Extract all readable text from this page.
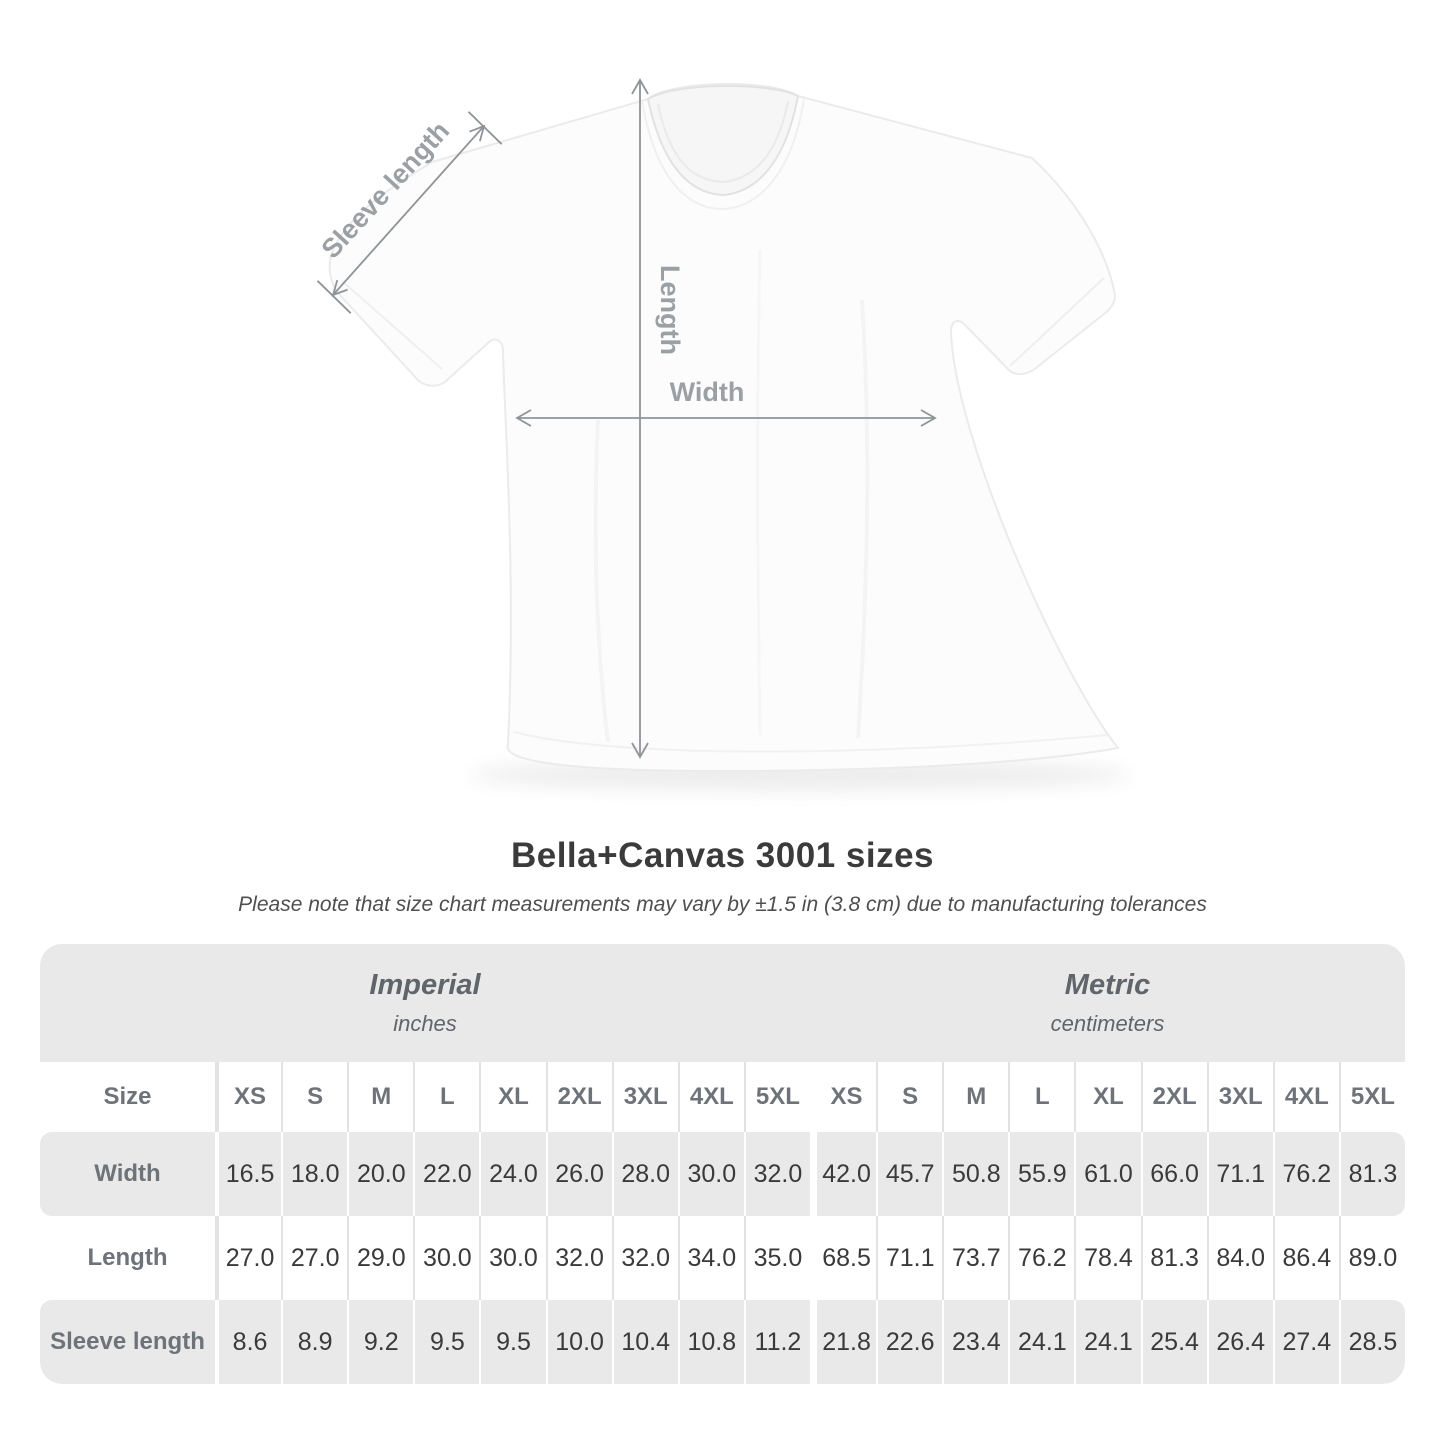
Sleeve length
Length
Width
Bella+Canvas 3001 sizes

Please note that size chart measurements may vary by ±1.5 in (3.8 cm) due to manufacturing tolerances

Imperial
inches
Metric
centimeters
Size	XS	S	M	L	XL	2XL 3XL 4XL 5XL	XS	S	M	L	XL	2XL 3XL 4XL 5XL
Width	16.5 18.0 20.0 22.0 24.0 26.0 28.0 30.0 32.0 42.0 45.7 50.8 55.9 61.0 66.0 71.1 76.2 81.3
Length	27.0 27.0 29.0 30.0 30.0 32.0 32.0 34.0 35.0 68.5 71.1 73.7 76.2 78.4 81.3 84.0 86.4 89.0
Sleeve length	8.6	8.9	9.2	9.5	9.5 10.0 10.4 10.8 11.2 21.8 22.6 23.4 24.1 24.1 25.4 26.4 27.4 28.5
